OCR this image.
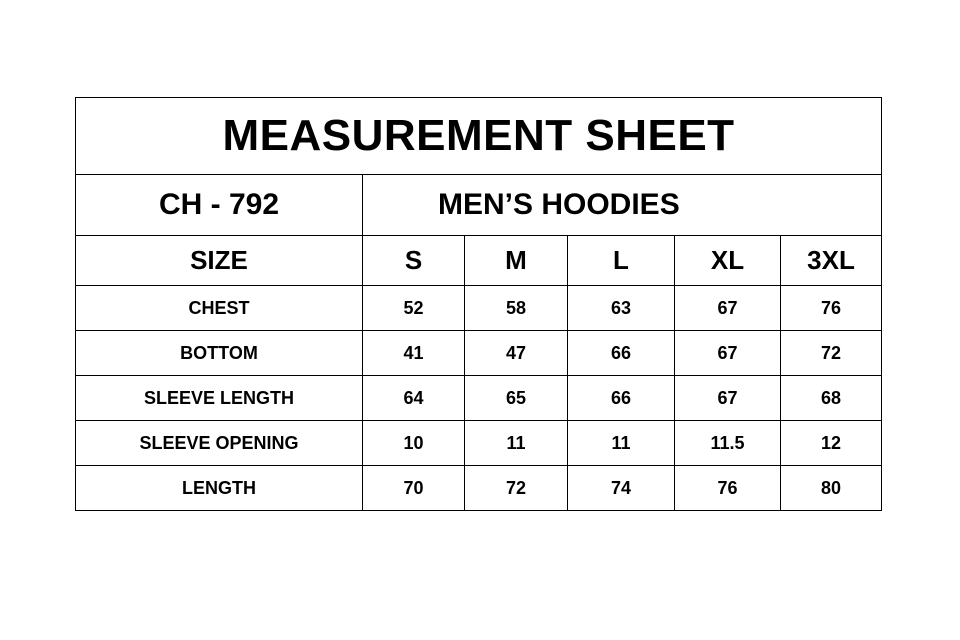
MEASUREMENT SHEET					
CH - 792	MEN’S HOODIES				
SIZE	S	M	L	XL	3XL
CHEST	52	58	63	67	76
BOTTOM	41	47	66	67	72
SLEEVE LENGTH	64	65	66	67	68
SLEEVE OPENING	10	11	11	11.5	12
LENGTH	70	72	74	76	80
